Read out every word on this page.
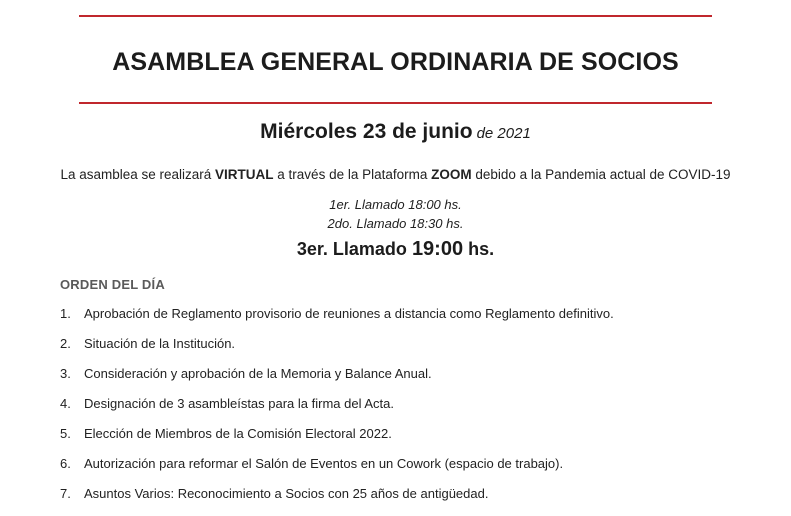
ASAMBLEA GENERAL ORDINARIA DE SOCIOS
Miércoles 23 de junio de 2021
La asamblea se realizará VIRTUAL a través de la Plataforma ZOOM debido a la Pandemia actual de COVID-19
1er. Llamado 18:00 hs.
2do. Llamado 18:30 hs.
3er. Llamado 19:00 hs.
ORDEN DEL DÍA
1.	Aprobación de Reglamento provisorio de reuniones a distancia como Reglamento definitivo.
2.	Situación de la Institución.
3.	Consideración y aprobación de la Memoria y Balance Anual.
4.	Designación de 3 asambleístas para la firma del Acta.
5.	Elección de Miembros de la Comisión Electoral 2022.
6.	Autorización para reformar el Salón de Eventos en un Cowork (espacio de trabajo).
7.	Asuntos Varios: Reconocimiento a Socios con 25 años de antigüedad.
